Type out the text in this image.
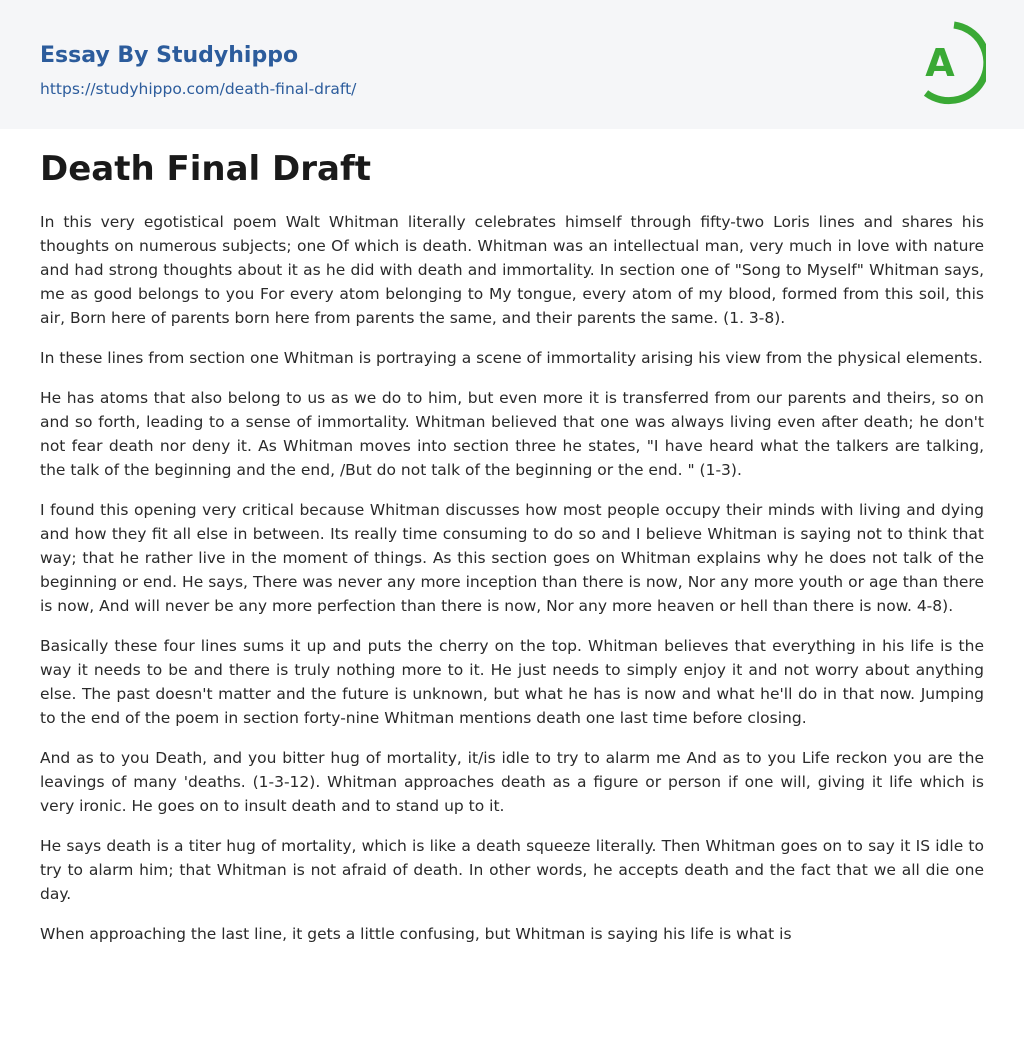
Essay By Studyhippo
https://studyhippo.com/death-final-draft/
A
Death Final Draft

In this very egotistical poem Walt Whitman literally celebrates himself through fifty-two Loris lines and shares his thoughts on numerous subjects; one Of which is death. Whitman was an intellectual man, very much in love with nature and had strong thoughts about it as he did with death and immortality. In section one of "Song to Myself" Whitman says, me as good belongs to you For every atom belonging to My tongue, every atom of my blood, formed from this soil, this air, Born here of parents born here from parents the same, and their parents the same. (1. 3-8).

In these lines from section one Whitman is portraying a scene of immortality arising his view from the physical elements.

He has atoms that also belong to us as we do to him, but even more it is transferred from our parents and theirs, so on and so forth, leading to a sense of immortality. Whitman believed that one was always living even after death; he don't not fear death nor deny it. As Whitman moves into section three he states, "I have heard what the talkers are talking, the talk of the beginning and the end, /But do not talk of the beginning or the end. " (1-3).

I found this opening very critical because Whitman discusses how most people occupy their minds with living and dying and how they fit all else in between. Its really time consuming to do so and I believe Whitman is saying not to think that way; that he rather live in the moment of things. As this section goes on Whitman explains why he does not talk of the beginning or end. He says, There was never any more inception than there is now, Nor any more youth or age than there is now, And will never be any more perfection than there is now, Nor any more heaven or hell than there is now. 4-8).

Basically these four lines sums it up and puts the cherry on the top. Whitman believes that everything in his life is the way it needs to be and there is truly nothing more to it. He just needs to simply enjoy it and not worry about anything else. The past doesn't matter and the future is unknown, but what he has is now and what he'll do in that now. Jumping to the end of the poem in section forty-nine Whitman mentions death one last time before closing.

And as to you Death, and you bitter hug of mortality, it/is idle to try to alarm me And as to you Life reckon you are the leavings of many 'deaths. (1-3-12). Whitman approaches death as a figure or person if one will, giving it life which is very ironic. He goes on to insult death and to stand up to it.

He says death is a titer hug of mortality, which is like a death squeeze literally. Then Whitman goes on to say it IS idle to try to alarm him; that Whitman is not afraid of death. In other words, he accepts death and the fact that we all die one day.

When approaching the last line, it gets a little confusing, but Whitman is saying his life is what is
